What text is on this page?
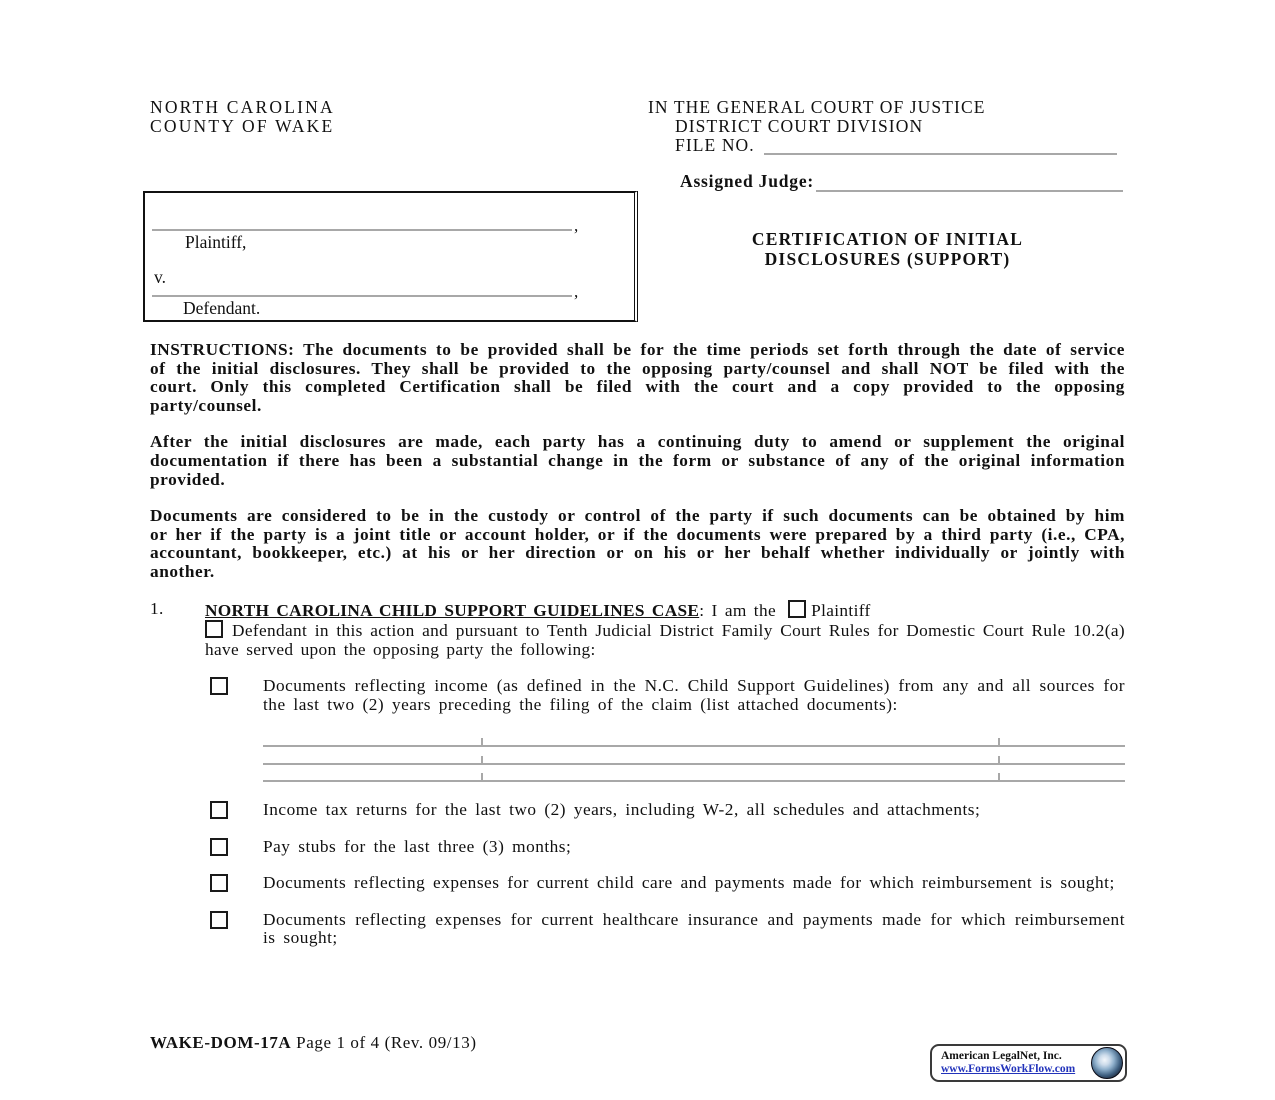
NORTH CAROLINA
COUNTY OF WAKE
IN THE GENERAL COURT OF JUSTICE
DISTRICT COURT DIVISION
FILE NO.
Assigned Judge:
,
Plaintiff,
v.
,
Defendant.
CERTIFICATION OF INITIAL
DISCLOSURES (SUPPORT)

INSTRUCTIONS: The documents to be provided shall be for the time periods set forth through the date of service of the initial disclosures. They shall be provided to the opposing party/counsel and shall NOT be filed with the court. Only this completed Certification shall be filed with the court and a copy provided to the opposing party/counsel.

After the initial disclosures are made, each party has a continuing duty to amend or supplement the original documentation if there has been a substantial change in the form or substance of any of the original information provided.

Documents are considered to be in the custody or control of the party if such documents can be obtained by him or her if the party is a joint title or account holder, or if the documents were prepared by a third party (i.e., CPA, accountant, bookkeeper, etc.) at his or her direction or on his or her behalf whether individually or jointly with another.

1. NORTH CAROLINA CHILD SUPPORT GUIDELINES CASE: I am the Plaintiff
Defendant in this action and pursuant to Tenth Judicial District Family Court Rules for Domestic Court Rule 10.2(a) have served upon the opposing party the following:
Documents reflecting income (as defined in the N.C. Child Support Guidelines) from any and all sources for the last two (2) years preceding the filing of the claim (list attached documents):
Income tax returns for the last two (2) years, including W-2, all schedules and attachments;
Pay stubs for the last three (3) months;
Documents reflecting expenses for current child care and payments made for which reimbursement is sought;
Documents reflecting expenses for current healthcare insurance and payments made for which reimbursement is sought;
WAKE-DOM-17A Page 1 of 4 (Rev. 09/13)
American LegalNet, Inc.
www.FormsWorkFlow.com
